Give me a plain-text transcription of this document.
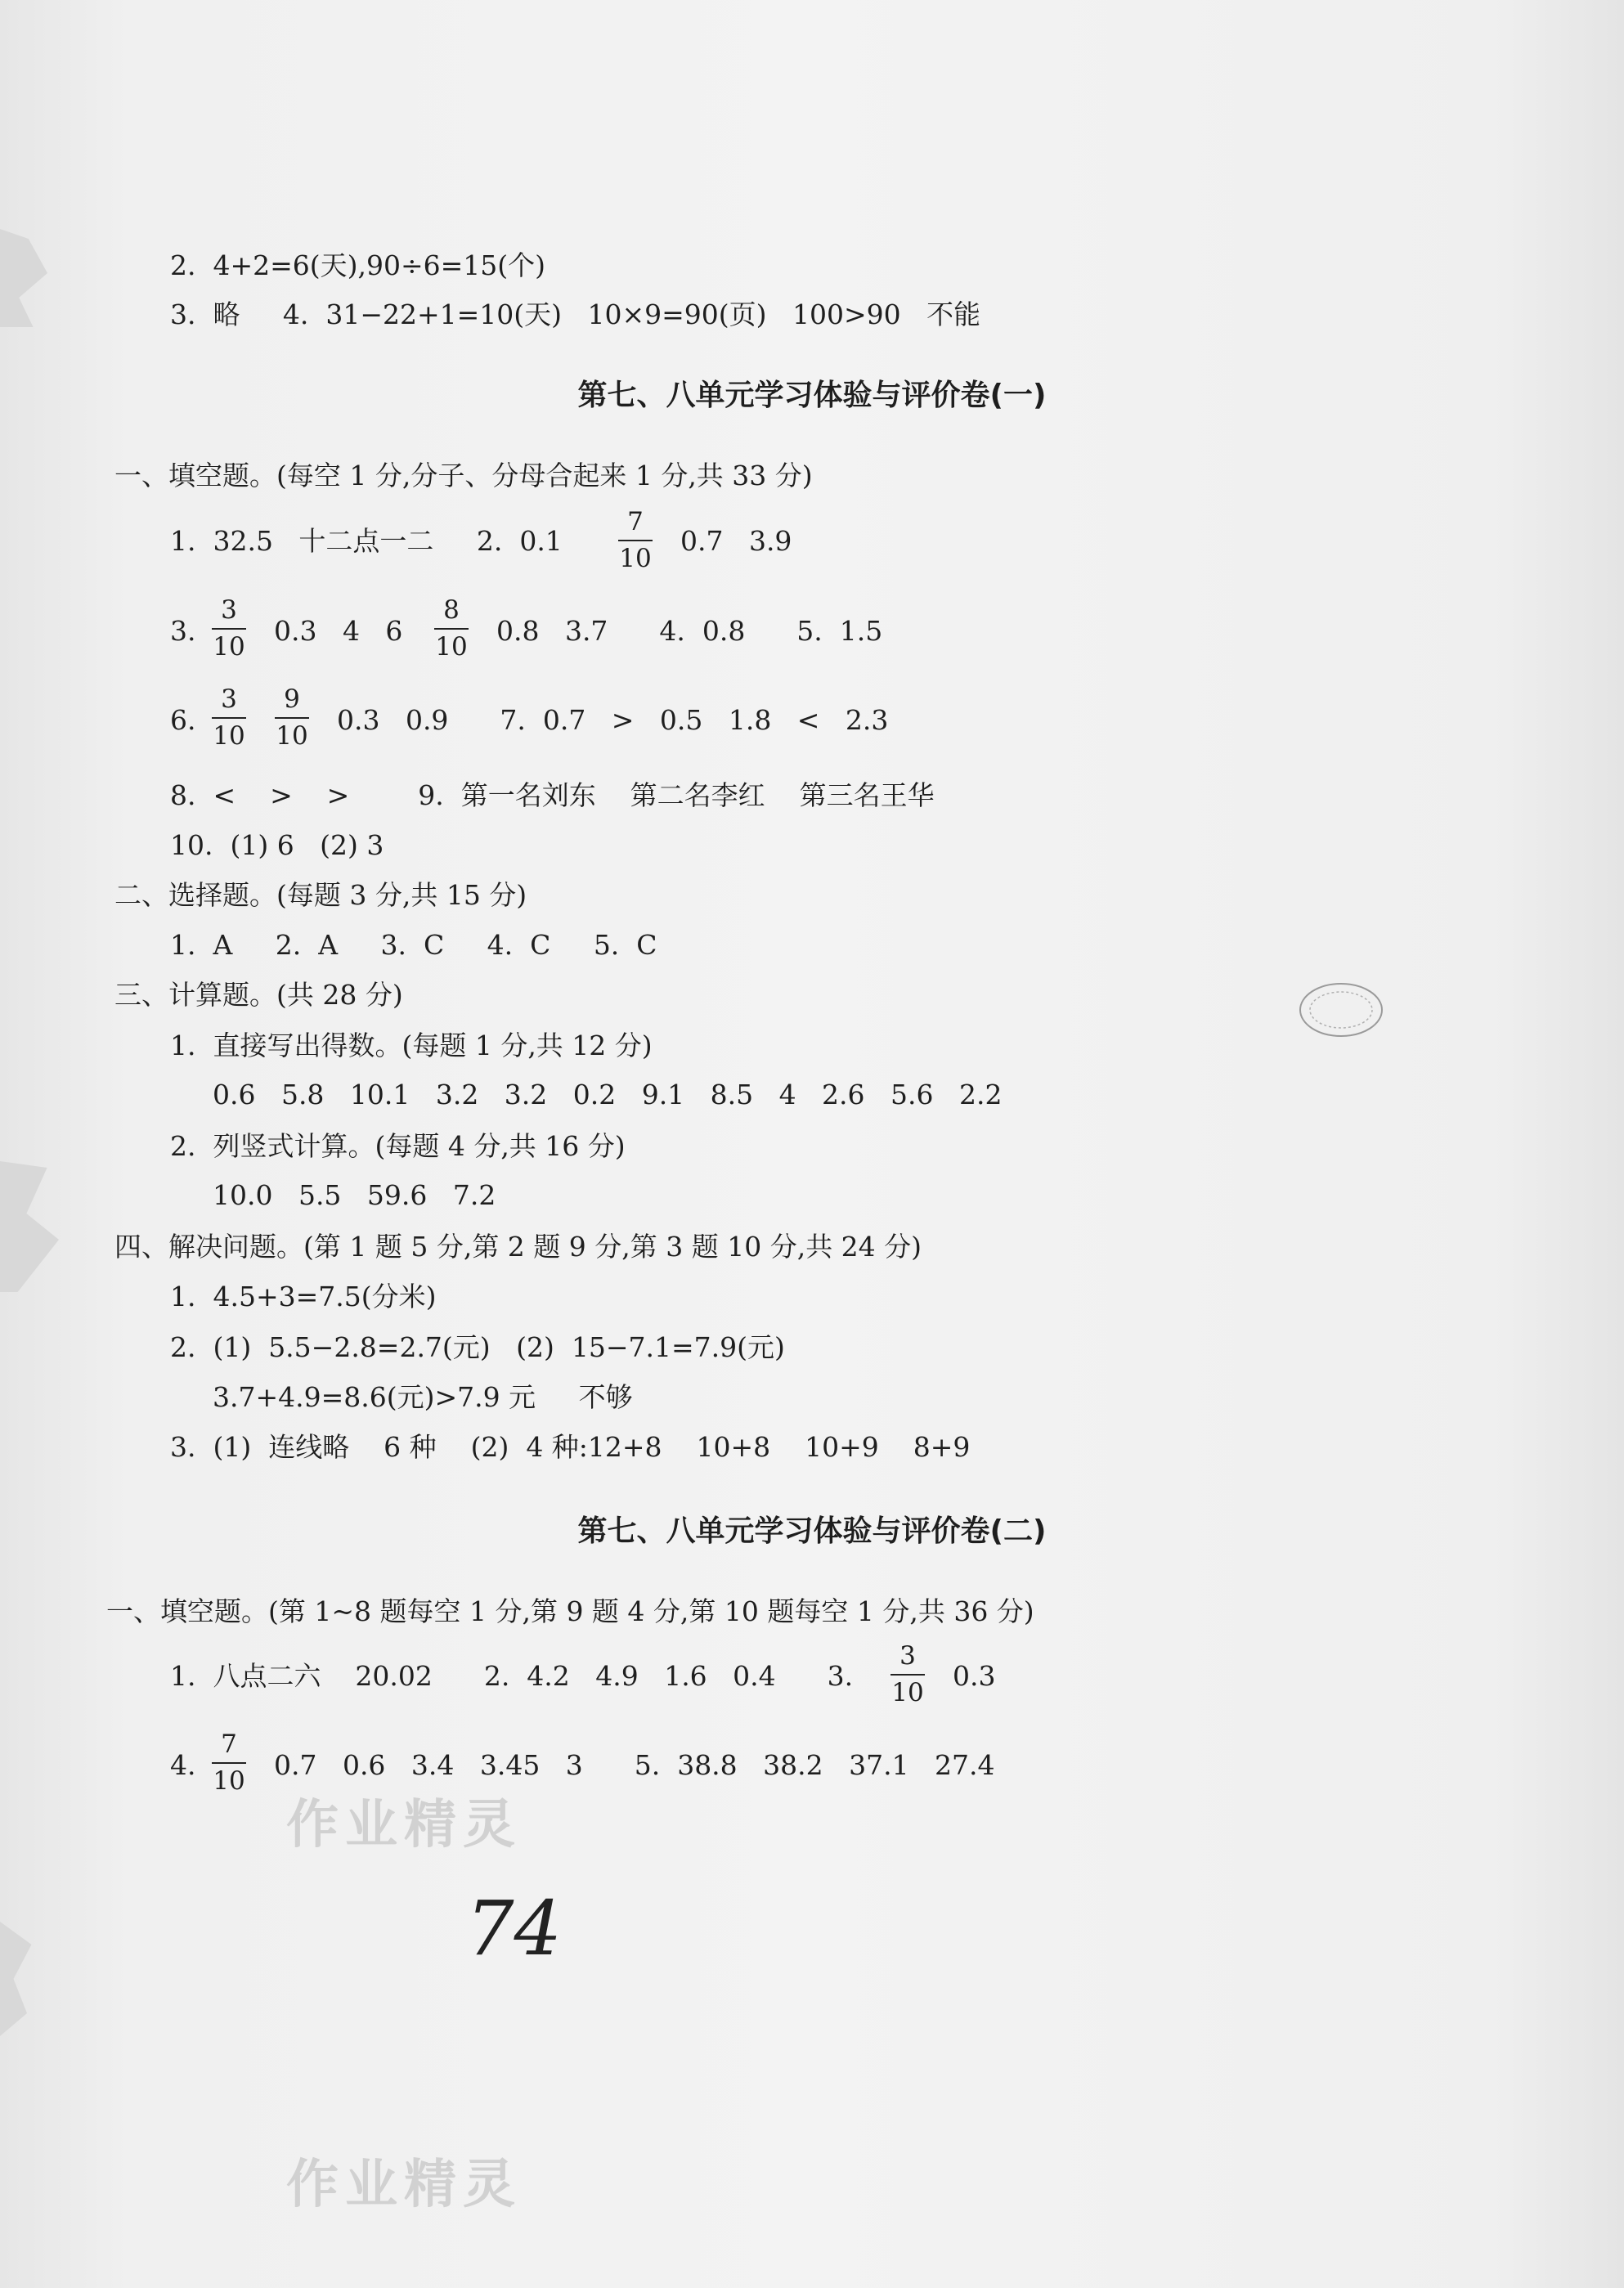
2.  4+2=6(天),90÷6=15(个)
3.  略     4.  31−22+1=10(天)   10×9=90(页)   100>90   不能
第七、八单元学习体验与评价卷(一)
一、填空题。(每空 1 分,分子、分母合起来 1 分,共 33 分)
1.  32.5   十二点一二     2.  0.1
7
10
0.7   3.9
3.
3
10 0.3   4   6
8
10 0.8   3.7      4.  0.8      5.  1.5
6.
3
10
9
10 0.3   0.9      7.  0.7   >   0.5   1.8   <   2.3
8.  <    >    >        9.  第一名刘东    第二名李红    第三名王华
10.  (1) 6   (2) 3
二、选择题。(每题 3 分,共 15 分)
1.  A     2.  A     3.  C     4.  C     5.  C
三、计算题。(共 28 分)
1.  直接写出得数。(每题 1 分,共 12 分)
0.6   5.8   10.1   3.2   3.2   0.2   9.1   8.5   4   2.6   5.6   2.2
2.  列竖式计算。(每题 4 分,共 16 分)
10.0   5.5   59.6   7.2
四、解决问题。(第 1 题 5 分,第 2 题 9 分,第 3 题 10 分,共 24 分)
1.  4.5+3=7.5(分米)
2.  (1)  5.5−2.8=2.7(元)   (2)  15−7.1=7.9(元)
3.7+4.9=8.6(元)>7.9 元     不够
3.  (1)  连线略    6 种    (2)  4 种:12+8    10+8    10+9    8+9
第七、八单元学习体验与评价卷(二)
一、填空题。(第 1~8 题每空 1 分,第 9 题 4 分,第 10 题每空 1 分,共 36 分)
1.  八点二六    20.02      2.  4.2   4.9   1.6   0.4      3.
3
10
0.3
4.
7
10 0.7   0.6   3.4   3.45   3      5.  38.8   38.2   37.1   27.4
作业精灵
作业精灵
74
